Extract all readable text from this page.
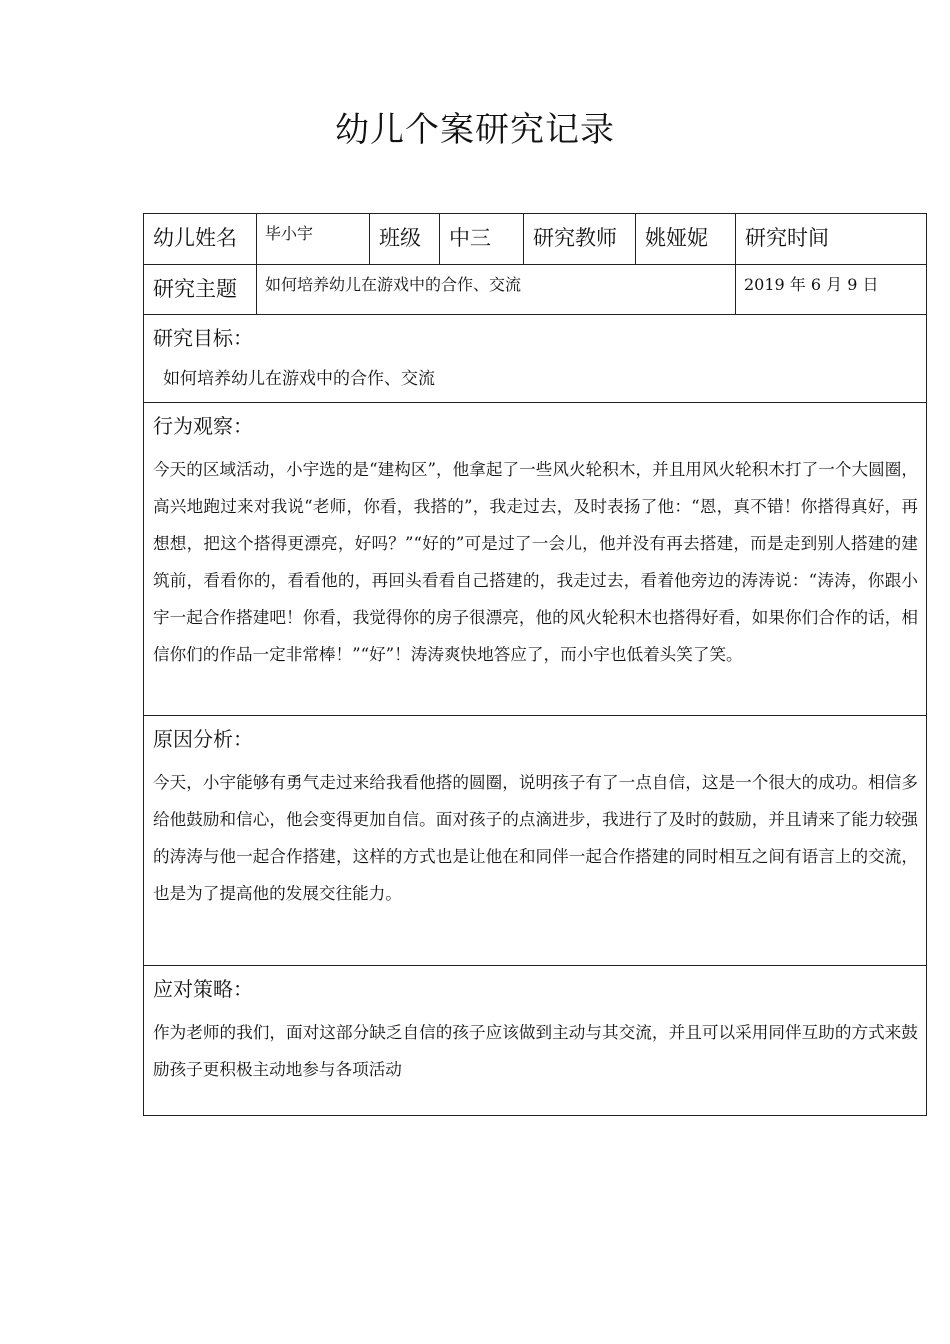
幼儿个案研究记录
幼儿姓名	毕小宇	班级	中三	研究教师	姚娅妮	研究时间
研究主题	如何培养幼儿在游戏中的合作、交流					2019 年 6 月 9 日

研究目标：
如何培养幼儿在游戏中的合作、交流						

行为观察：
今天的区域活动，小宇选的是“建构区”，他拿起了一些风火轮积木，并且用风火轮积木打了一个大圆圈，高兴地跑过来对我说“老师，你看，我搭的”，我走过去，及时表扬了他：“恩，真不错！你搭得真好，再想想，把这个搭得更漂亮，好吗？”“好的”可是过了一会儿，他并没有再去搭建，而是走到别人搭建的建筑前，看看你的，看看他的，再回头看看自己搭建的，我走过去，看着他旁边的涛涛说：“涛涛，你跟小宇一起合作搭建吧！你看，我觉得你的房子很漂亮，他的风火轮积木也搭得好看，如果你们合作的话，相信你们的作品一定非常棒！”“好”！涛涛爽快地答应了，而小宇也低着头笑了笑。						

原因分析：
今天，小宇能够有勇气走过来给我看他搭的圆圈，说明孩子有了一点自信，这是一个很大的成功。相信多给他鼓励和信心，他会变得更加自信。面对孩子的点滴进步，我进行了及时的鼓励，并且请来了能力较强的涛涛与他一起合作搭建，这样的方式也是让他在和同伴一起合作搭建的同时相互之间有语言上的交流，也是为了提高他的发展交往能力。						

应对策略：
作为老师的我们，面对这部分缺乏自信的孩子应该做到主动与其交流，并且可以采用同伴互助的方式来鼓励孩子更积极主动地参与各项活动						
